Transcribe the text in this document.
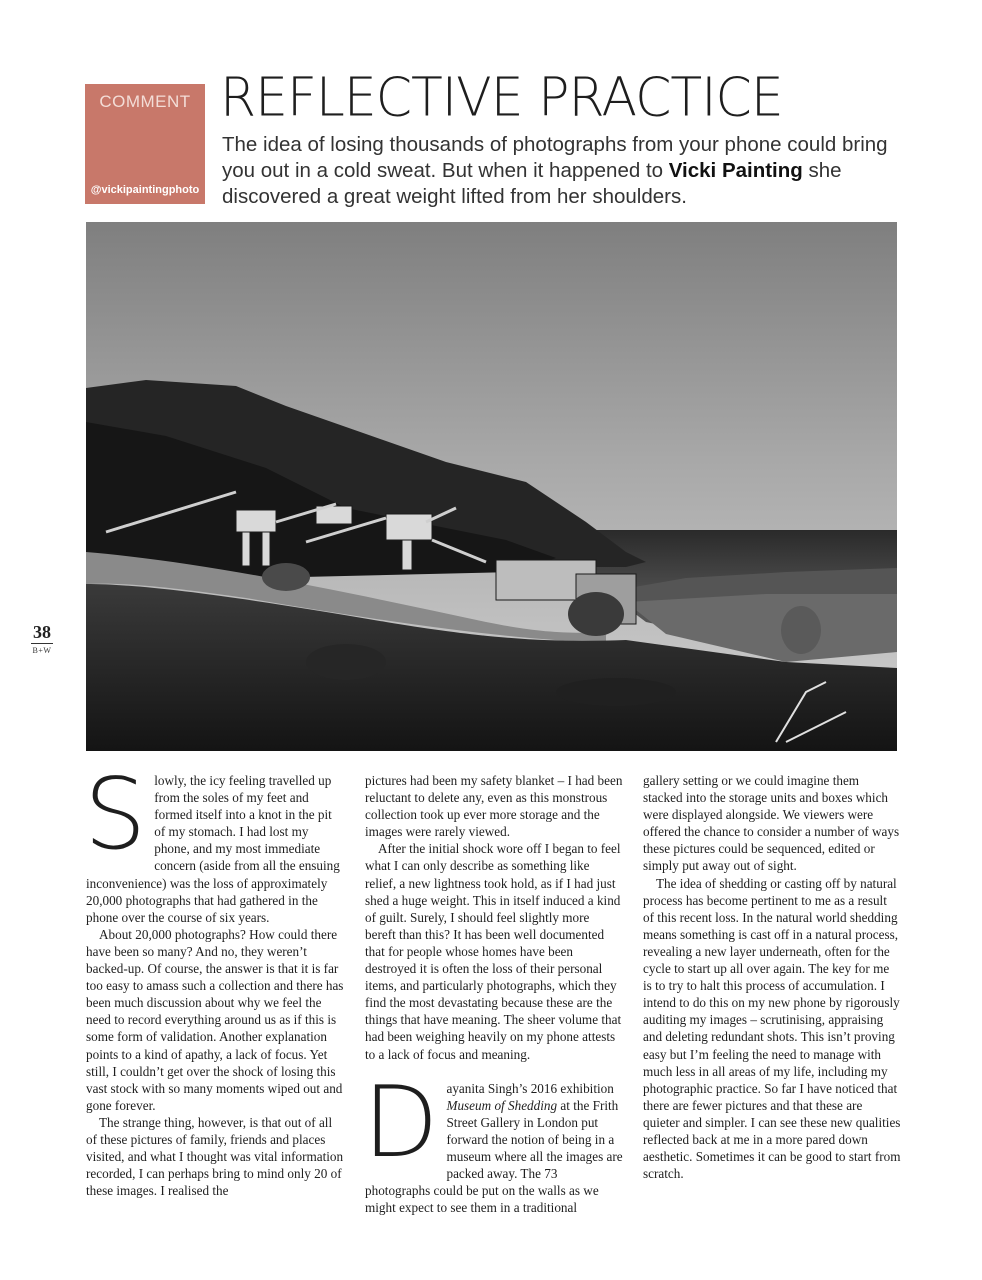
COMMENT
@vickipaintingphoto
REFLECTIVE PRACTICE

The idea of losing thousands of photographs from your phone could bring you out in a cold sweat. But when it happened to Vicki Painting she discovered a great weight lifted from her shoulders.

38
B+W

Slowly, the icy feeling travelled up from the soles of my feet and formed itself into a knot in the pit of my stomach. I had lost my phone, and my most immediate concern (aside from all the ensuing inconvenience) was the loss of approximately 20,000 photographs that had gathered in the phone over the course of six years.

About 20,000 photographs? How could there have been so many? And no, they weren’t backed-up. Of course, the answer is that it is far too easy to amass such a collection and there has been much discussion about why we feel the need to record everything around us as if this is some form of validation. Another explanation points to a kind of apathy, a lack of focus. Yet still, I couldn’t get over the shock of losing this vast stock with so many moments wiped out and gone forever.

The strange thing, however, is that out of all of these pictures of family, friends and places visited, and what I thought was vital information recorded, I can perhaps bring to mind only 20 of these images. I realised the

pictures had been my safety blanket – I had been reluctant to delete any, even as this monstrous collection took up ever more storage and the images were rarely viewed.

After the initial shock wore off I began to feel what I can only describe as something like relief, a new lightness took hold, as if I had just shed a huge weight. This in itself induced a kind of guilt. Surely, I should feel slightly more bereft than this? It has been well documented that for people whose homes have been destroyed it is often the loss of their personal items, and particularly photographs, which they find the most devastating because these are the things that have meaning. The sheer volume that had been weighing heavily on my phone attests to a lack of focus and meaning.

Dayanita Singh’s 2016 exhibition Museum of Shedding at the Frith Street Gallery in London put forward the notion of being in a museum where all the images are packed away. The 73 photographs could be put on the walls as we might expect to see them in a traditional

gallery setting or we could imagine them stacked into the storage units and boxes which were displayed alongside. We viewers were offered the chance to consider a number of ways these pictures could be sequenced, edited or simply put away out of sight.

The idea of shedding or casting off by natural process has become pertinent to me as a result of this recent loss. In the natural world shedding means something is cast off in a natural process, revealing a new layer underneath, often for the cycle to start up all over again. The key for me is to try to halt this process of accumulation. I intend to do this on my new phone by rigorously auditing my images – scrutinising, appraising and deleting redundant shots. This isn’t proving easy but I’m feeling the need to manage with much less in all areas of my life, including my photographic practice. So far I have noticed that there are fewer pictures and that these are quieter and simpler. I can see these new qualities reflected back at me in a more pared down aesthetic. Sometimes it can be good to start from scratch.
